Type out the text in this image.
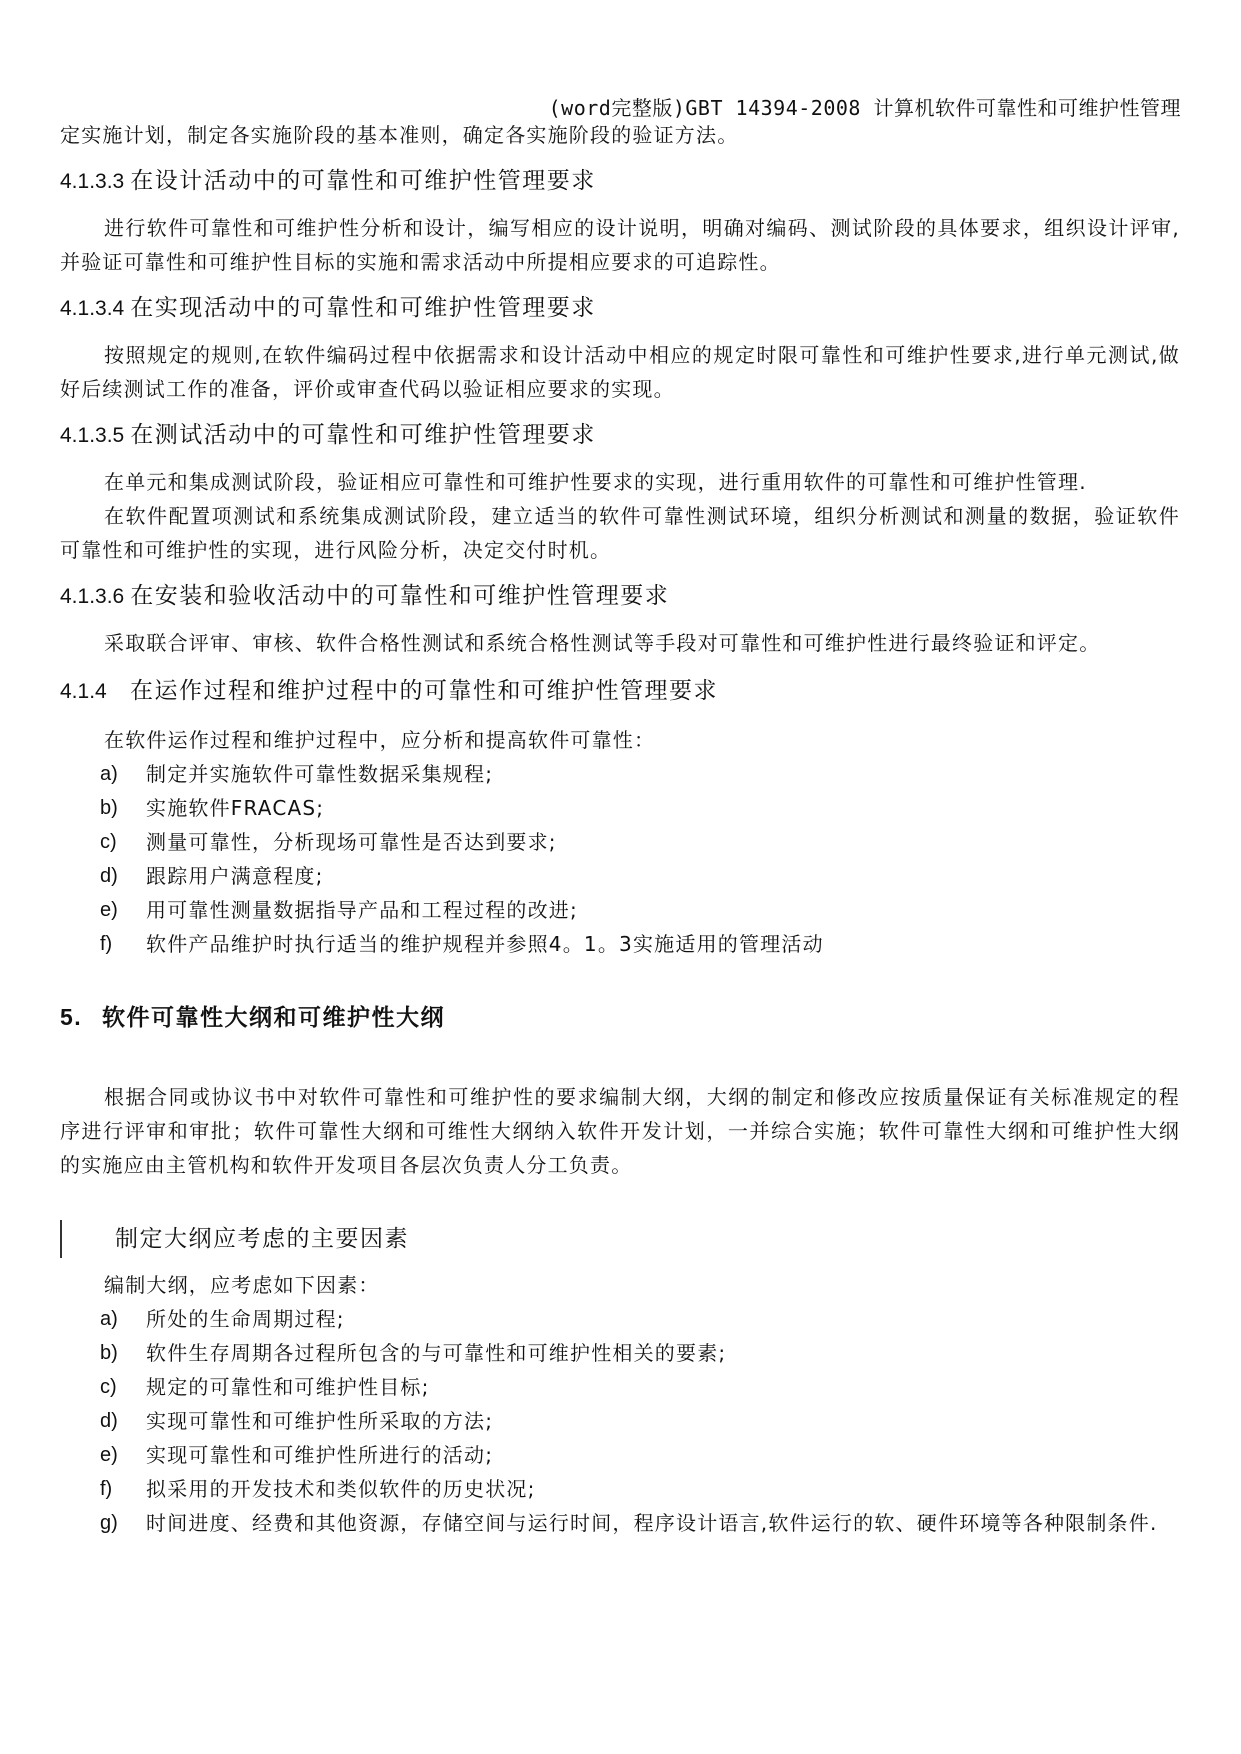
(word完整版)GBT 14394-2008 计算机软件可靠性和可维护性管理

定实施计划，制定各实施阶段的基本准则，确定各实施阶段的验证方法。

4.1.3.3 在设计活动中的可靠性和可维护性管理要求

进行软件可靠性和可维护性分析和设计，编写相应的设计说明，明确对编码、测试阶段的具体要求，组织设计评审,并验证可靠性和可维护性目标的实施和需求活动中所提相应要求的可追踪性。

4.1.3.4 在实现活动中的可靠性和可维护性管理要求

按照规定的规则,在软件编码过程中依据需求和设计活动中相应的规定时限可靠性和可维护性要求,进行单元测试,做好后续测试工作的准备，评价或审查代码以验证相应要求的实现。

4.1.3.5 在测试活动中的可靠性和可维护性管理要求

在单元和集成测试阶段，验证相应可靠性和可维护性要求的实现，进行重用软件的可靠性和可维护性管理.

在软件配置项测试和系统集成测试阶段，建立适当的软件可靠性测试环境，组织分析测试和测量的数据，验证软件可靠性和可维护性的实现，进行风险分析，决定交付时机。

4.1.3.6 在安装和验收活动中的可靠性和可维护性管理要求

采取联合评审、审核、软件合格性测试和系统合格性测试等手段对可靠性和可维护性进行最终验证和评定。

4.1.4 在运作过程和维护过程中的可靠性和可维护性管理要求

在软件运作过程和维护过程中，应分析和提高软件可靠性：

a)	制定并实施软件可靠性数据采集规程;
b)	实施软件FRACAS;
c)	测量可靠性，分析现场可靠性是否达到要求;
d)	跟踪用户满意程度;
e)	用可靠性测量数据指导产品和工程过程的改进;
f)	软件产品维护时执行适当的维护规程并参照4。1。3实施适用的管理活动
5. 软件可靠性大纲和可维护性大纲

根据合同或协议书中对软件可靠性和可维护性的要求编制大纲，大纲的制定和修改应按质量保证有关标准规定的程序进行评审和审批；软件可靠性大纲和可维性大纲纳入软件开发计划，一并综合实施；软件可靠性大纲和可维护性大纲的实施应由主管机构和软件开发项目各层次负责人分工负责。

制定大纲应考虑的主要因素

编制大纲，应考虑如下因素：

a)	所处的生命周期过程;
b)	软件生存周期各过程所包含的与可靠性和可维护性相关的要素;
c)	规定的可靠性和可维护性目标;
d)	实现可靠性和可维护性所采取的方法;
e)	实现可靠性和可维护性所进行的活动;
f)	拟采用的开发技术和类似软件的历史状况;
g)	时间进度、经费和其他资源，存储空间与运行时间，程序设计语言,软件运行的软、硬件环境等各种限制条件.
